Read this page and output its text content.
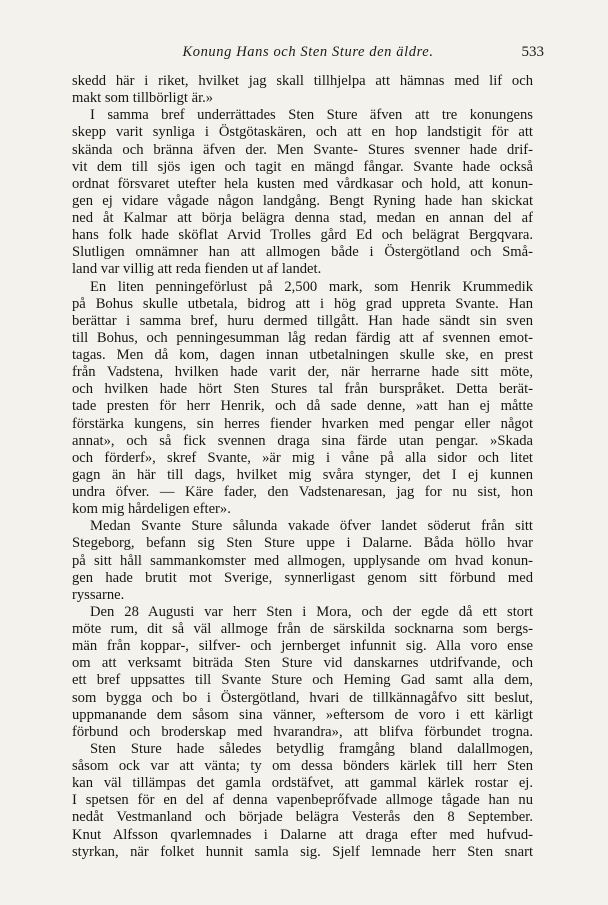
Konung Hans och Sten Sture den äldre.	533
skedd här i riket, hvilket jag skall tillhjelpa att hämnas med lif och
makt som tillbörligt är.»
I samma bref underrättades Sten Sture äfven att tre konungens
skepp varit synliga i Östgötaskären, och att en hop landstigit för att
skända och bränna äfven der. Men Svante- Stures svenner hade drif-
vit dem till sjös igen och tagit en mängd fångar. Svante hade också
ordnat försvaret utefter hela kusten med vårdkasar och hold, att konun-
gen ej vidare vågade någon landgång. Bengt Ryning hade han skickat
ned åt Kalmar att börja belägra denna stad, medan en annan del af
hans folk hade sköflat Arvid Trolles gård Ed och belägrat Bergqvara.
Slutligen omnämner han att allmogen både i Östergötland och Små-
land var villig att reda fienden ut af landet.
En liten penningeförlust på 2,500 mark, som Henrik Krummedik
på Bohus skulle utbetala, bidrog att i hög grad uppreta Svante. Han
berättar i samma bref, huru dermed tillgått. Han hade sändt sin sven
till Bohus, och penningesumman låg redan färdig att af svennen emot-
tagas. Men då kom, dagen innan utbetalningen skulle ske, en prest
från Vadstena, hvilken hade varit der, när herrarne hade sitt möte,
och hvilken hade hört Sten Stures tal från burspråket. Detta berät-
tade presten för herr Henrik, och då sade denne, »att han ej måtte
förstärka kungens, sin herres fiender hvarken med pengar eller något
annat», och så fick svennen draga sina färde utan pengar. »Skada
och förderf», skref Svante, »är mig i våne på alla sidor och litet
gagn än här till dags, hvilket mig svåra stynger, det I ej kunnen
undra öfver. — Käre fader, den Vadstenaresan, jag for nu sist, hon
kom mig hårdeligen efter».
Medan Svante Sture sålunda vakade öfver landet söderut från sitt
Stegeborg, befann sig Sten Sture uppe i Dalarne. Båda höllo hvar
på sitt håll sammankomster med allmogen, upplysande om hvad konun-
gen hade brutit mot Sverige, synnerligast genom sitt förbund med
ryssarne.
Den 28 Augusti var herr Sten i Mora, och der egde då ett stort
möte rum, dit så väl allmoge från de särskilda socknarna som bergs-
män från koppar-, silfver- och jernberget infunnit sig. Alla voro ense
om att verksamt biträda Sten Sture vid danskarnes utdrifvande, och
ett bref uppsattes till Svante Sture och Heming Gad samt alla dem,
som bygga och bo i Östergötland, hvari de tillkännagåfvo sitt beslut,
uppmanande dem såsom sina vänner, »eftersom de voro i ett kärligt
förbund och broderskap med hvarandra», att blifva förbundet trogna.
Sten Sture hade således betydlig framgång bland dalallmogen,
såsom ock var att vänta; ty om dessa bönders kärlek till herr Sten
kan väl tillämpas det gamla ordstäfvet, att gammal kärlek rostar ej.
I spetsen för en del af denna vapenbeprőfvade allmoge tågade han nu
nedåt Vestmanland och började belägra Vesterås den 8 September.
Knut Alfsson qvarlemnades i Dalarne att draga efter med hufvud-
styrkan, när folket hunnit samla sig. Sjelf lemnade herr Sten snart
